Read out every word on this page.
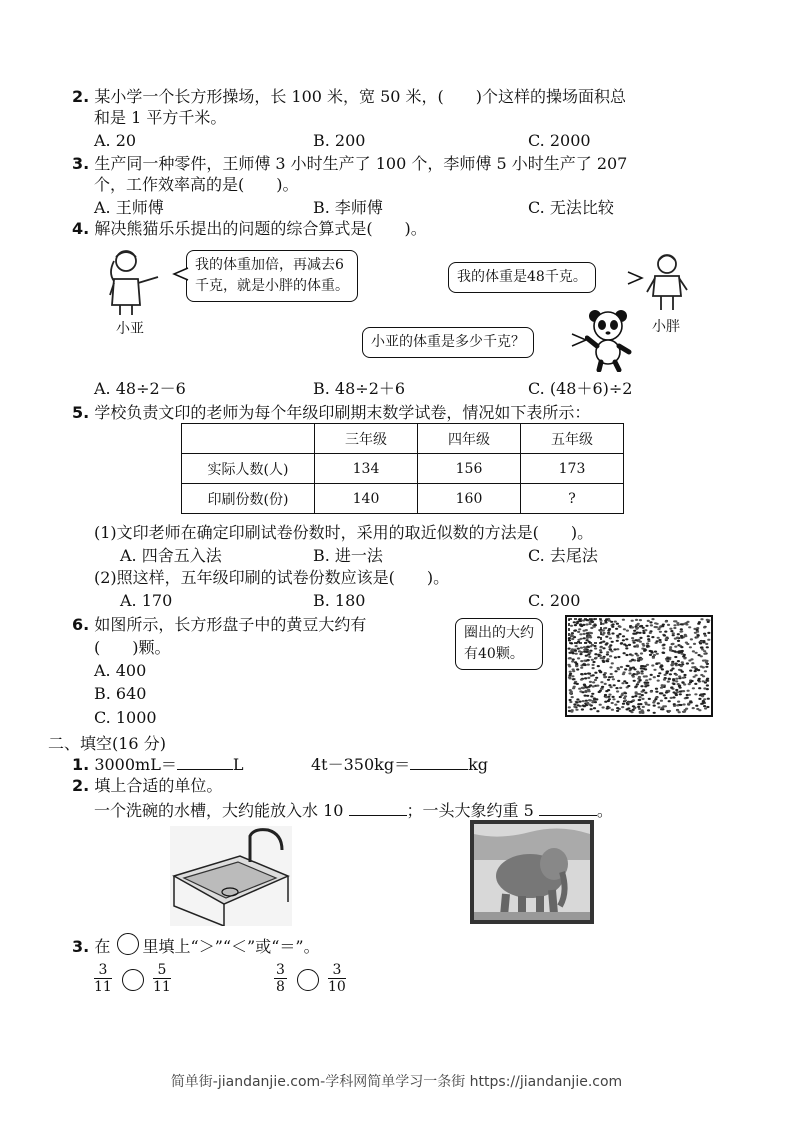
2. 某小学一个长方形操场，长 100 米，宽 50 米，(　　)个这样的操场面积总
和是 1 平方千米。
A. 20	B. 200	C. 2000
3. 生产同一种零件，王师傅 3 小时生产了 100 个，李师傅 5 小时生产了 207
个，工作效率高的是(　　)。
A. 王师傅	B. 李师傅	C. 无法比较
4. 解决熊猫乐乐提出的问题的综合算式是(　　)。
小亚
我的体重加倍，再减去6
千克，就是小胖的体重。
我的体重是48千克。
小胖
小亚的体重是多少千克？
A. 48÷2－6	B. 48÷2＋6	C. (48＋6)÷2
5. 学校负责文印的老师为每个年级印刷期末数学试卷，情况如下表所示：
	三年级	四年级	五年级
实际人数(人)	134	156	173
印刷份数(份)	140	160	?
(1)文印老师在确定印刷试卷份数时，采用的取近似数的方法是(　　)。
A. 四舍五入法	B. 进一法	C. 去尾法
(2)照这样，五年级印刷的试卷份数应该是(　　)。
A. 170	B. 180	C. 200
6. 如图所示，长方形盘子中的黄豆大约有
(　　)颗。
A. 400
B. 640
C. 1000
圈出的大约
有40颗。
二、填空(16 分)
1. 3000mL＝	L	4t－350kg＝	kg
2. 填上合适的单位。
一个洗碗的水槽，大约能放入水 10	；一头大象约重 5	。
3. 在 里填上“＞”“＜”或“＝”。
$\frac{3}{11}$	$\frac{5}{11}$	$\frac{3}{8}$	$\frac{3}{10}$
简单街-jiandanjie.com-学科网简单学习一条街 https://jiandanjie.com
